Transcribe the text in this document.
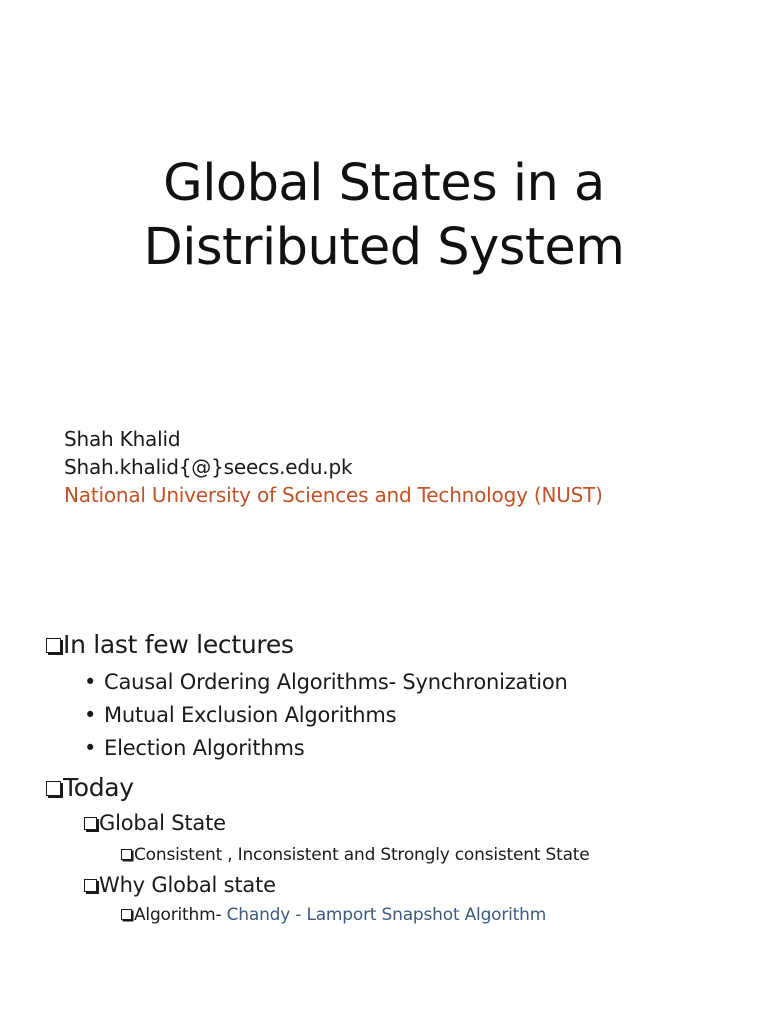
Global States in a
Distributed System
Shah Khalid
Shah.khalid{@}seecs.edu.pk
National University of Sciences and Technology (NUST)
In last few lectures
• Causal Ordering Algorithms- Synchronization
• Mutual Exclusion Algorithms
• Election Algorithms
Today
Global State
Consistent , Inconsistent and Strongly consistent State
Why Global state
Algorithm- Chandy - Lamport Snapshot Algorithm
